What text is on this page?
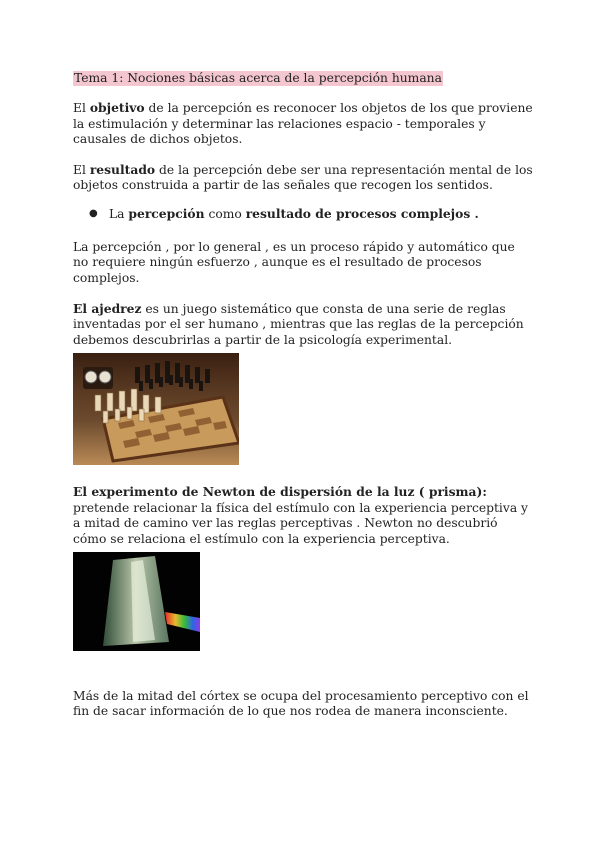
Tema 1: Nociones básicas acerca de la percepción humana

El objetivo de la percepción es reconocer los objetos de los que proviene la estimulación y determinar las relaciones espacio - temporales y causales de dichos objetos.

El resultado de la percepción debe ser una representación mental de los objetos construida a partir de las señales que recogen los sentidos.

● La percepción como resultado de procesos complejos .

La percepción , por lo general , es un proceso rápido y automático que no requiere ningún esfuerzo , aunque es el resultado de procesos complejos.

El ajedrez es un juego sistemático que consta de una serie de reglas inventadas por el ser humano , mientras que las reglas de la percepción debemos descubrirlas a partir de la psicología experimental.

El experimento de Newton de dispersión de la luz ( prisma): pretende relacionar la física del estímulo con la experiencia perceptiva y a mitad de camino ver las reglas perceptivas . Newton no descubrió cómo se relaciona el estímulo con la experiencia perceptiva.

Más de la mitad del córtex se ocupa del procesamiento perceptivo con el fin de sacar información de lo que nos rodea de manera inconsciente.
